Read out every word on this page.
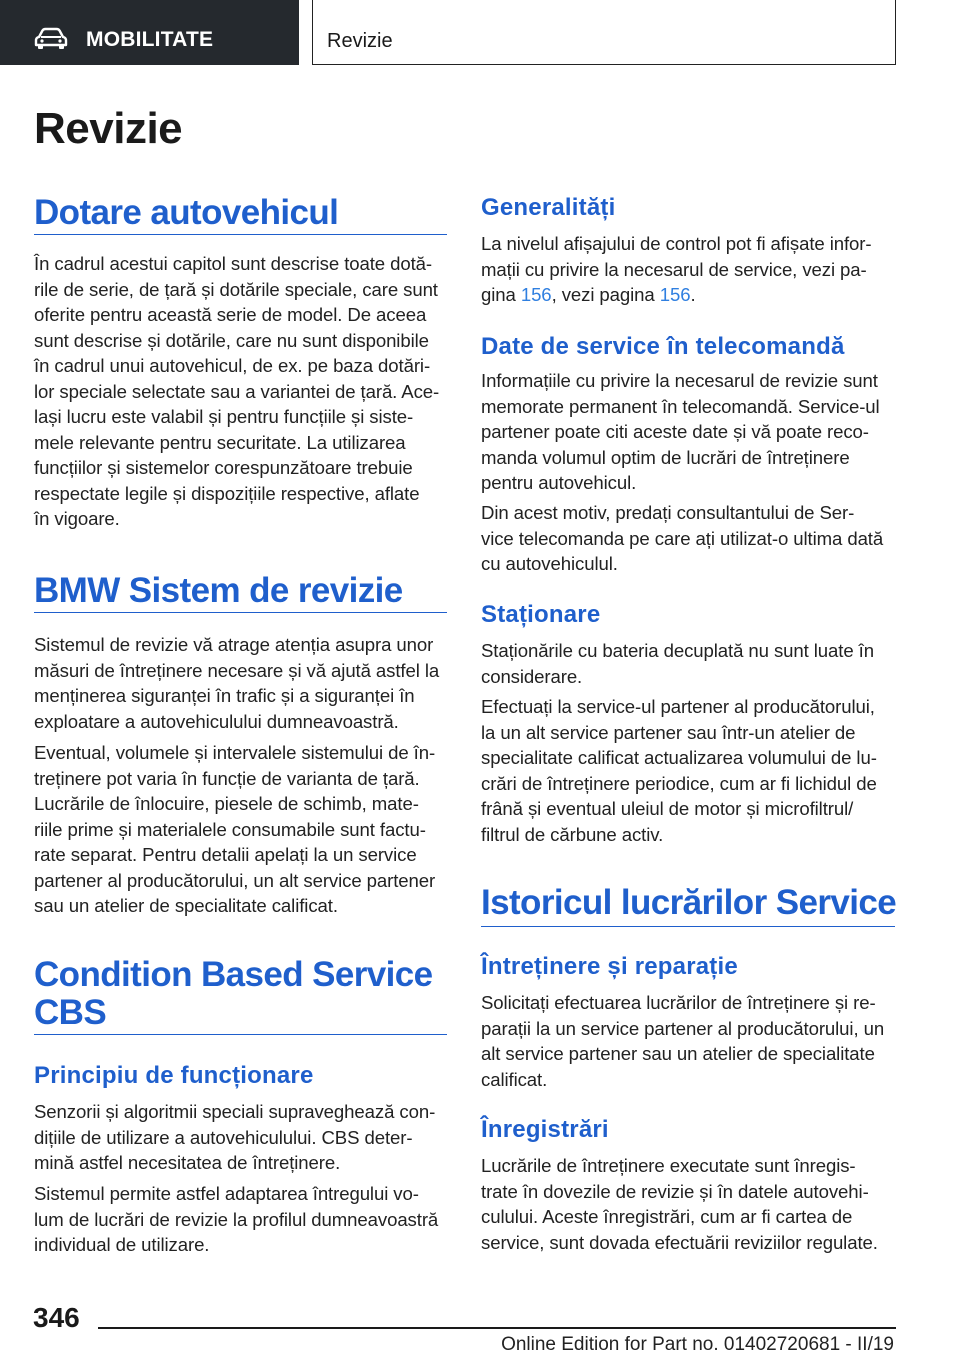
MOBILITATE	Revizie
Revizie
Dotare autovehicul
În cadrul acestui capitol sunt descrise toate dotă‐
rile de serie, de țară și dotările speciale, care sunt
oferite pentru această serie de model. De aceea
sunt descrise și dotările, care nu sunt disponibile
în cadrul unui autovehicul, de ex. pe baza dotări‐
lor speciale selectate sau a variantei de țară. Ace‐
lași lucru este valabil și pentru funcțiile și siste‐
mele relevante pentru securitate. La utilizarea
funcțiilor și sistemelor corespunzătoare trebuie
respectate legile și dispozițiile respective, aflate
în vigoare.
BMW Sistem de revizie
Sistemul de revizie vă atrage atenția asupra unor
măsuri de întreținere necesare și vă ajută astfel la
menținerea siguranței în trafic și a siguranței în
exploatare a autovehiculului dumneavoastră.
Eventual, volumele și intervalele sistemului de în‐
treținere pot varia în funcție de varianta de țară.
Lucrările de înlocuire, piesele de schimb, mate‐
riile prime și materialele consumabile sunt factu‐
rate separat. Pentru detalii apelați la un service
partener al producătorului, un alt service partener
sau un atelier de specialitate calificat.
Condition Based Service
CBS
Principiu de funcționare
Senzorii și algoritmii speciali supraveghează con‐
dițiile de utilizare a autovehiculului. CBS deter‐
mină astfel necesitatea de întreținere.
Sistemul permite astfel adaptarea întregului vo‐
lum de lucrări de revizie la profilul dumneavoastră
individual de utilizare.
Generalități
La nivelul afișajului de control pot fi afișate infor‐
mații cu privire la necesarul de service, vezi pa‐
gina 156, vezi pagina 156.
Date de service în telecomandă
Informațiile cu privire la necesarul de revizie sunt
memorate permanent în telecomandă. Service-ul
partener poate citi aceste date și vă poate reco‐
manda volumul optim de lucrări de întreținere
pentru autovehicul.
Din acest motiv, predați consultantului de Ser‐
vice telecomanda pe care ați utilizat-o ultima dată
cu autovehiculul.
Staționare
Staționările cu bateria decuplată nu sunt luate în
considerare.
Efectuați la service-ul partener al producătorului,
la un alt service partener sau într-un atelier de
specialitate calificat actualizarea volumului de lu‐
crări de întreținere periodice, cum ar fi lichidul de
frână și eventual uleiul de motor și microfiltrul/
filtrul de cărbune activ.
Istoricul lucrărilor Service
Întreținere și reparație
Solicitați efectuarea lucrărilor de întreținere și re‐
parații la un service partener al producătorului, un
alt service partener sau un atelier de specialitate
calificat.
Înregistrări
Lucrările de întreținere executate sunt înregis‐
trate în dovezile de revizie și în datele autovehi‐
culului. Aceste înregistrări, cum ar fi cartea de
service, sunt dovada efectuării reviziilor regulate.
346
Online Edition for Part no. 01402720681 - II/19
